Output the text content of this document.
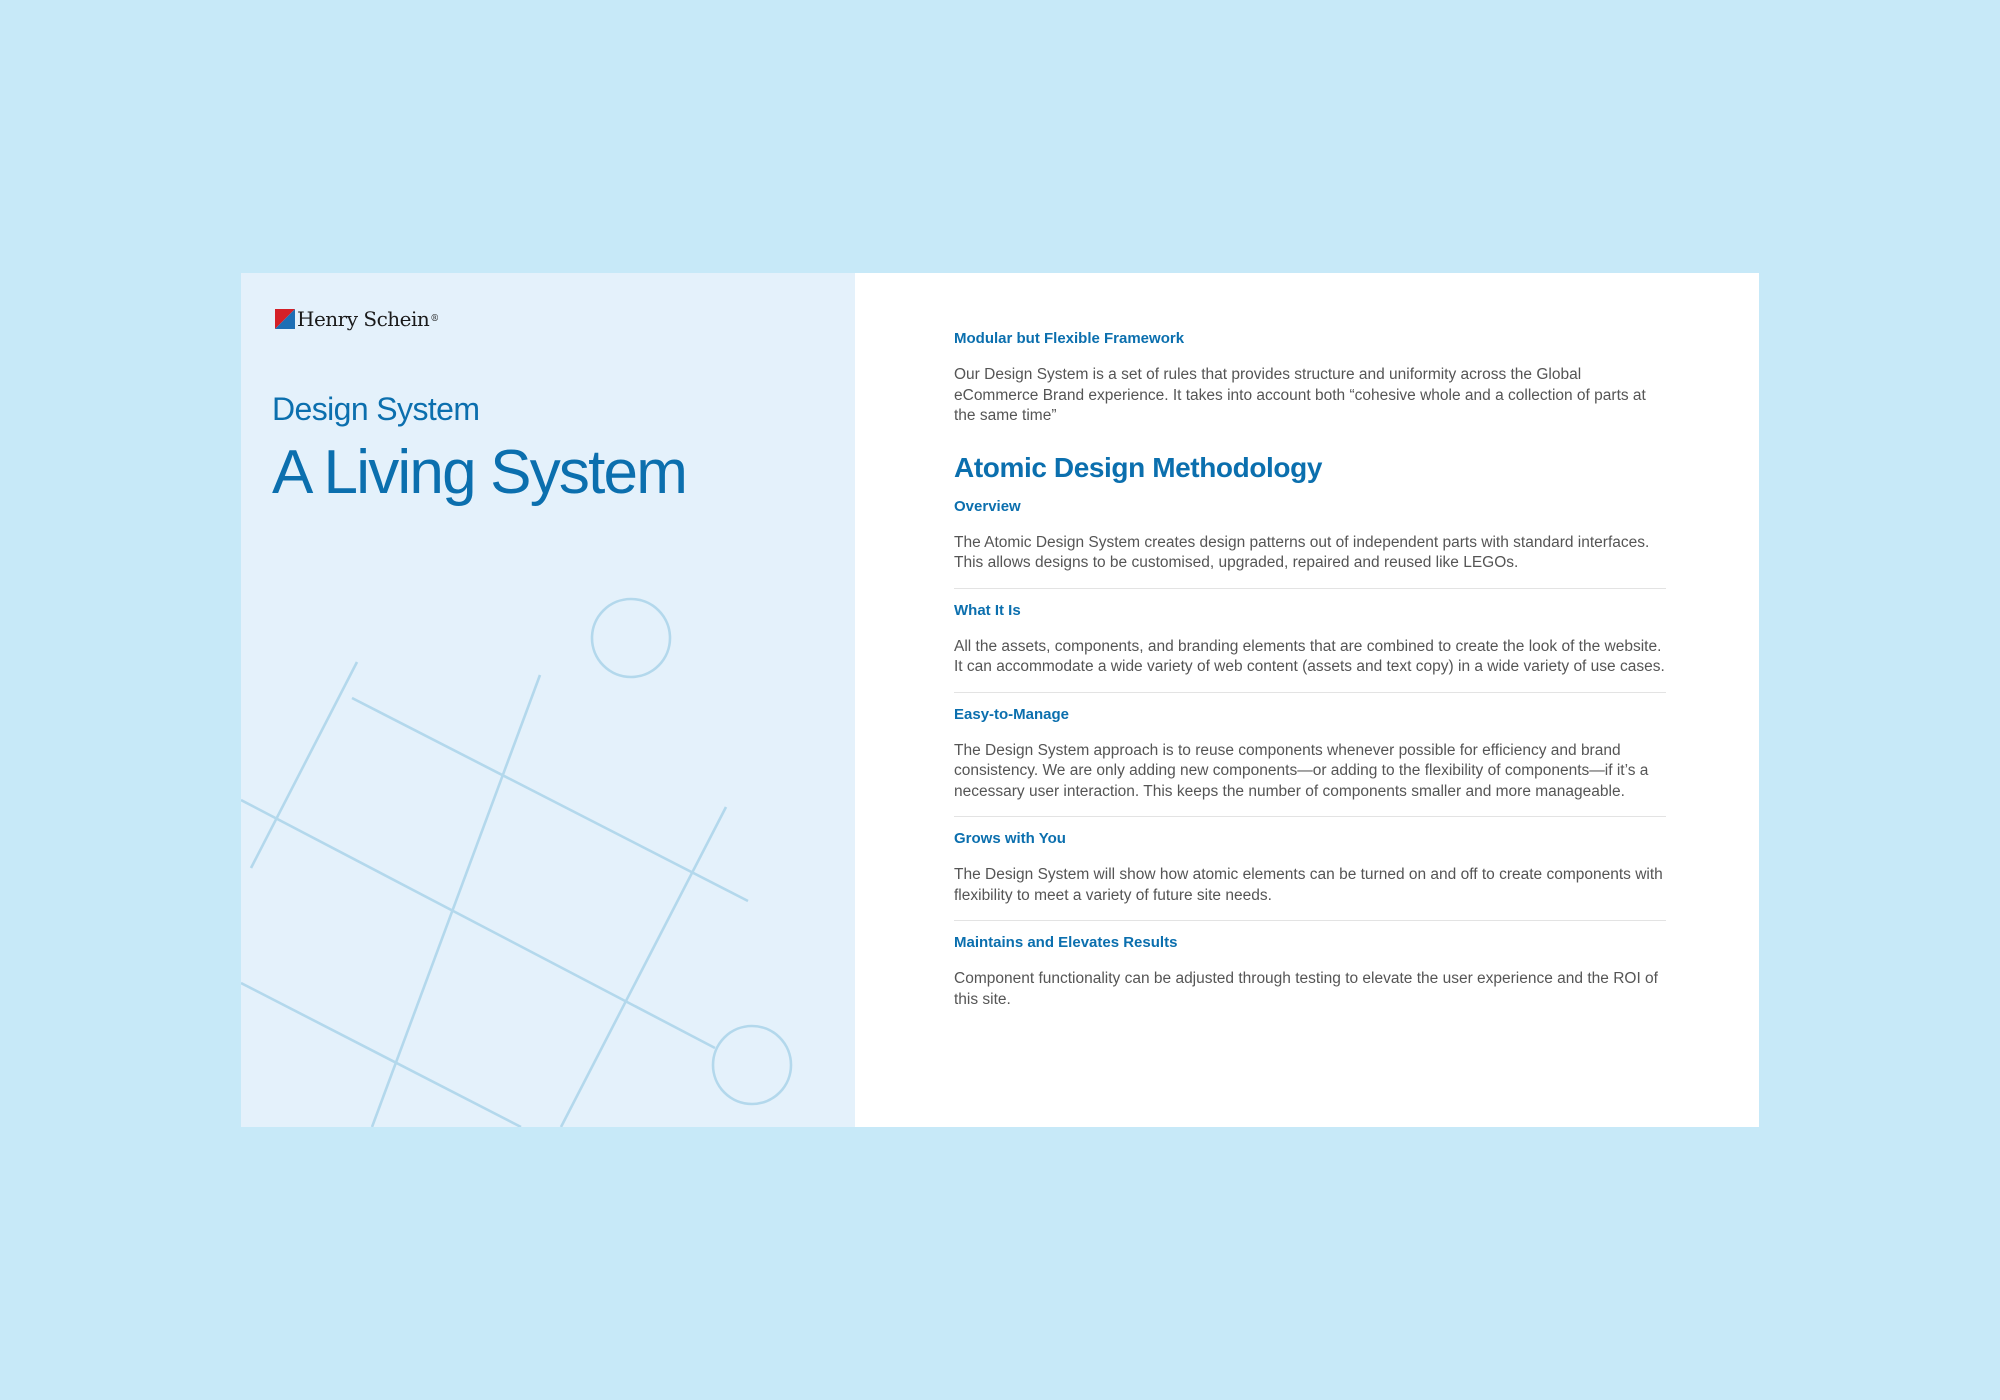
Henry Schein®
Design System
A Living System
Modular but Flexible Framework

Our Design System is a set of rules that provides structure and uniformity across the Global eCommerce Brand experience. It takes into account both “cohesive whole and a collection of parts at the same time”

Atomic Design Methodology
Overview

The Atomic Design System creates design patterns out of independent parts with standard interfaces. This allows designs to be customised, upgraded, repaired and reused like LEGOs.

What It Is

All the assets, components, and branding elements that are combined to create the look of the website. It can accommodate a wide variety of web content (assets and text copy) in a wide variety of use cases.

Easy-to-Manage

The Design System approach is to reuse components whenever possible for efficiency and brand consistency. We are only adding new components—or adding to the flexibility of components—if it’s a necessary user interaction. This keeps the number of components smaller and more manageable.

Grows with You

The Design System will show how atomic elements can be turned on and off to create components with flexibility to meet a variety of future site needs.

Maintains and Elevates Results

Component functionality can be adjusted through testing to elevate the user experience and the ROI of this site.
